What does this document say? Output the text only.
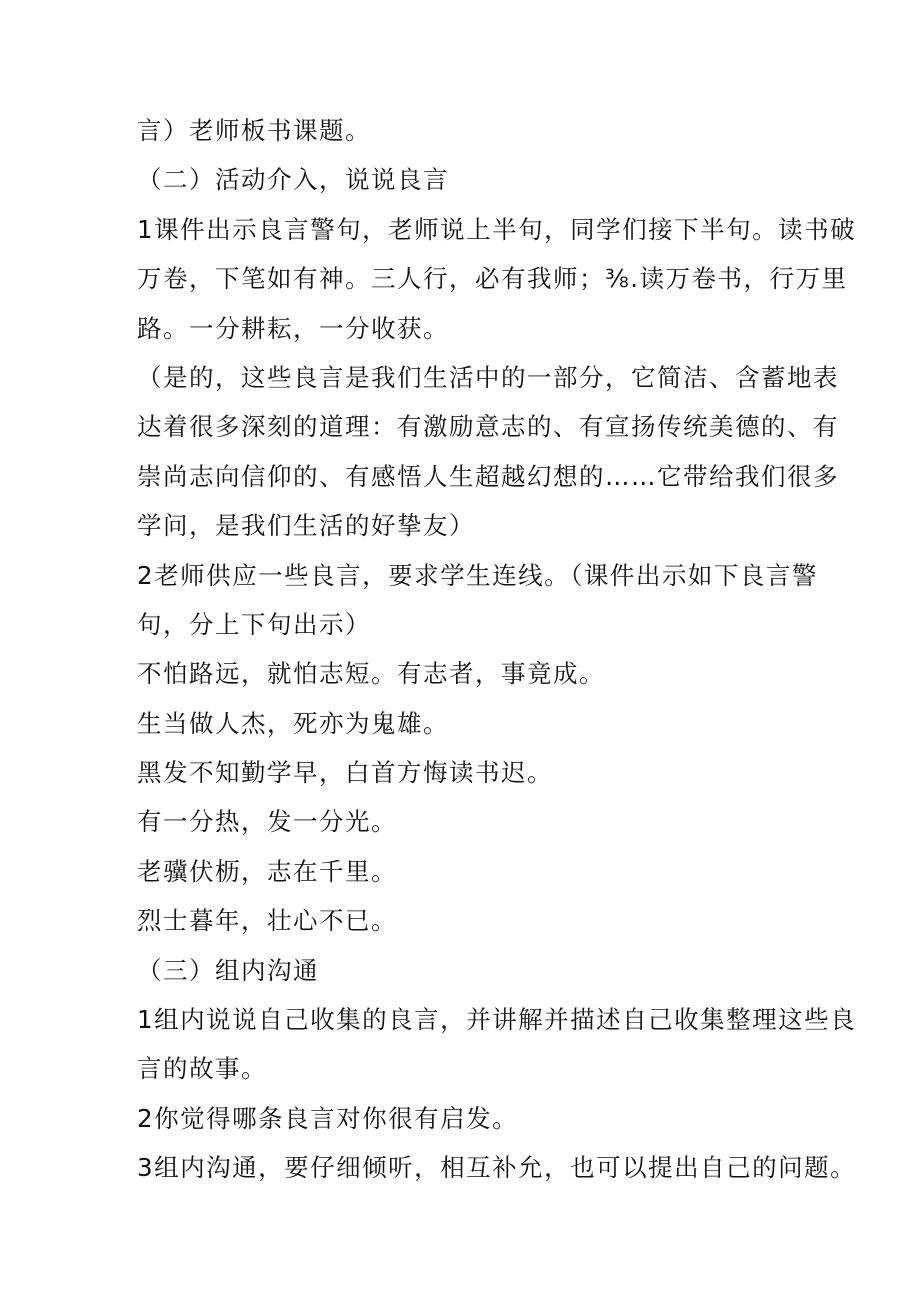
言）老师板书课题。
（二）活动介入，说说良言
1课件出示良言警句，老师说上半句，同学们接下半句。读书破
万卷，下笔如有神。三人行，必有我师；⅜.读万卷书，行万里
路。一分耕耘，一分收获。
（是的，这些良言是我们生活中的一部分，它简洁、含蓄地表
达着很多深刻的道理：有激励意志的、有宣扬传统美德的、有
崇尚志向信仰的、有感悟人生超越幻想的……它带给我们很多
学问，是我们生活的好挚友）
2老师供应一些良言，要求学生连线。（课件出示如下良言警
句，分上下句出示）
不怕路远，就怕志短。有志者，事竟成。
生当做人杰，死亦为鬼雄。
黑发不知勤学早，白首方悔读书迟。
有一分热，发一分光。
老骥伏枥，志在千里。
烈士暮年，壮心不已。
（三）组内沟通
1组内说说自己收集的良言，并讲解并描述自己收集整理这些良
言的故事。
2你觉得哪条良言对你很有启发。
3组内沟通，要仔细倾听，相互补允，也可以提出自己的问题。
